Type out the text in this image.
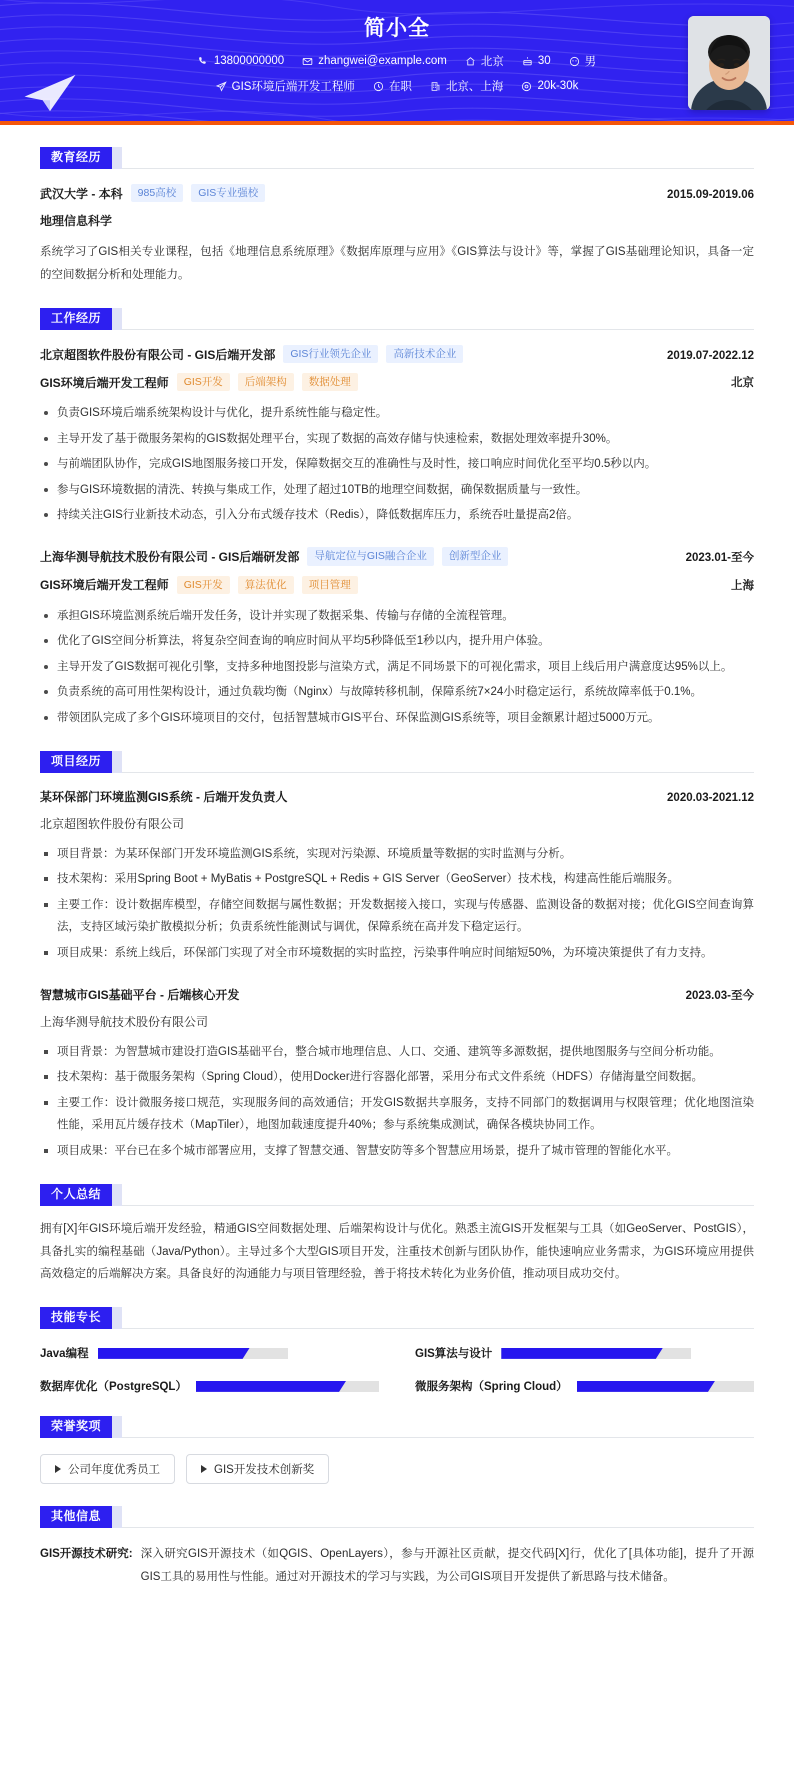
简小全
13800000000	zhangwei@example.com	北京	30	男
GIS环境后端开发工程师	在职	北京、上海	20k-30k
教育经历
武汉大学 - 本科	985高校	GIS专业强校	2015.09-2019.06
地理信息科学
系统学习了GIS相关专业课程，包括《地理信息系统原理》《数据库原理与应用》《GIS算法与设计》等，掌握了GIS基础理论知识，具备一定的空间数据分析和处理能力。
工作经历
北京超图软件股份有限公司 - GIS后端开发部	GIS行业领先企业	高新技术企业	2019.07-2022.12
GIS环境后端开发工程师	GIS开发	后端架构	数据处理	北京
负责GIS环境后端系统架构设计与优化，提升系统性能与稳定性。
主导开发了基于微服务架构的GIS数据处理平台，实现了数据的高效存储与快速检索，数据处理效率提升30%。
与前端团队协作，完成GIS地图服务接口开发，保障数据交互的准确性与及时性，接口响应时间优化至平均0.5秒以内。
参与GIS环境数据的清洗、转换与集成工作，处理了超过10TB的地理空间数据，确保数据质量与一致性。
持续关注GIS行业新技术动态，引入分布式缓存技术（Redis），降低数据库压力，系统吞吐量提高2倍。
上海华测导航技术股份有限公司 - GIS后端研发部	导航定位与GIS融合企业	创新型企业	2023.01-至今
GIS环境后端开发工程师	GIS开发	算法优化	项目管理	上海
承担GIS环境监测系统后端开发任务，设计并实现了数据采集、传输与存储的全流程管理。
优化了GIS空间分析算法，将复杂空间查询的响应时间从平均5秒降低至1秒以内，提升用户体验。
主导开发了GIS数据可视化引擎，支持多种地图投影与渲染方式，满足不同场景下的可视化需求，项目上线后用户满意度达95%以上。
负责系统的高可用性架构设计，通过负载均衡（Nginx）与故障转移机制，保障系统7×24小时稳定运行，系统故障率低于0.1%。
带领团队完成了多个GIS环境项目的交付，包括智慧城市GIS平台、环保监测GIS系统等，项目金额累计超过5000万元。
项目经历
某环保部门环境监测GIS系统 - 后端开发负责人	2020.03-2021.12
北京超图软件股份有限公司
项目背景：为某环保部门开发环境监测GIS系统，实现对污染源、环境质量等数据的实时监测与分析。
技术架构：采用Spring Boot + MyBatis + PostgreSQL + Redis + GIS Server（GeoServer）技术栈，构建高性能后端服务。
主要工作：设计数据库模型，存储空间数据与属性数据；开发数据接入接口，实现与传感器、监测设备的数据对接；优化GIS空间查询算法，支持区域污染扩散模拟分析；负责系统性能测试与调优，保障系统在高并发下稳定运行。
项目成果：系统上线后，环保部门实现了对全市环境数据的实时监控，污染事件响应时间缩短50%，为环境决策提供了有力支持。
智慧城市GIS基础平台 - 后端核心开发	2023.03-至今
上海华测导航技术股份有限公司
项目背景：为智慧城市建设打造GIS基础平台，整合城市地理信息、人口、交通、建筑等多源数据，提供地图服务与空间分析功能。
技术架构：基于微服务架构（Spring Cloud），使用Docker进行容器化部署，采用分布式文件系统（HDFS）存储海量空间数据。
主要工作：设计微服务接口规范，实现服务间的高效通信；开发GIS数据共享服务，支持不同部门的数据调用与权限管理；优化地图渲染性能，采用瓦片缓存技术（MapTiler），地图加载速度提升40%；参与系统集成测试，确保各模块协同工作。
项目成果：平台已在多个城市部署应用，支撑了智慧交通、智慧安防等多个智慧应用场景，提升了城市管理的智能化水平。
个人总结
拥有[X]年GIS环境后端开发经验，精通GIS空间数据处理、后端架构设计与优化。熟悉主流GIS开发框架与工具（如GeoServer、PostGIS），具备扎实的编程基础（Java/Python）。主导过多个大型GIS项目开发，注重技术创新与团队协作，能快速响应业务需求，为GIS环境应用提供高效稳定的后端解决方案。具备良好的沟通能力与项目管理经验，善于将技术转化为业务价值，推动项目成功交付。
技能专长
Java编程	GIS算法与设计
数据库优化（PostgreSQL）	微服务架构（Spring Cloud）
荣誉奖项
公司年度优秀员工	GIS开发技术创新奖
其他信息
GIS开源技术研究: 深入研究GIS开源技术（如QGIS、OpenLayers），参与开源社区贡献，提交代码[X]行，优化了[具体功能]，提升了开源GIS工具的易用性与性能。通过对开源技术的学习与实践，为公司GIS项目开发提供了新思路与技术储备。
